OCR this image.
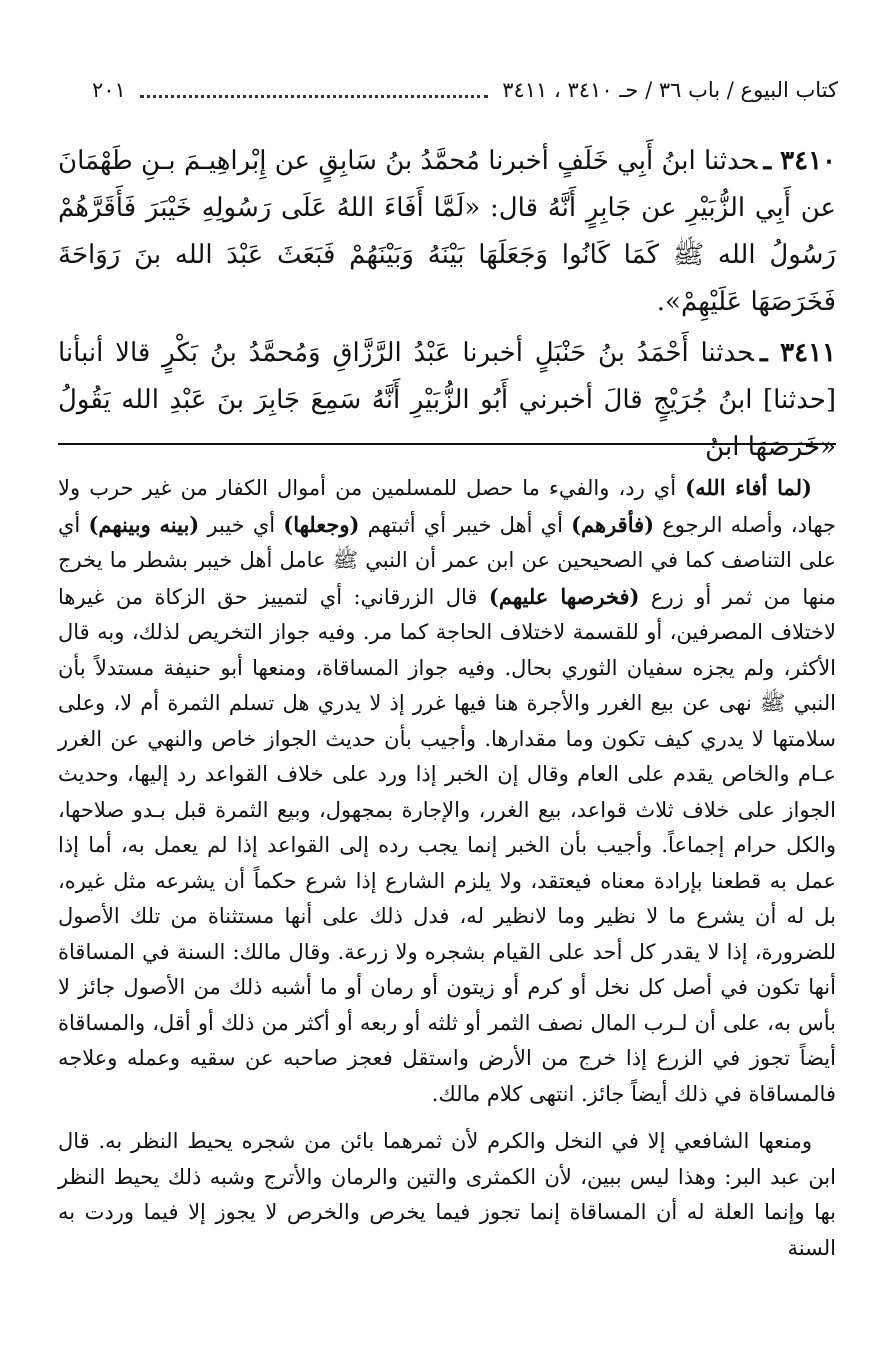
كتاب البيوع / باب ٣٦ / حـ ٣٤١٠ ، ٣٤١١
٢٠١

٣٤١٠ ـحدثنا ابنُ أَبِي خَلَفٍ أخبرنا مُحمَّدُ بنُ سَابِقٍ عن إِبْراهِيـمَ بـنِ طَهْمَانَ عن أَبِي الزُّبَيْرِ عن جَابِرٍ أَنَّهُ قال: «لَمَّا أَفَاءَ اللهُ عَلَى رَسُولِهِ خَيْبَرَ فَأَقَرَّهُمْ رَسُولُ الله ﷺ كَمَا كَانُوا وَجَعَلَهَا بَيْنَهُ وَبَيْنَهُمْ فَبَعَثَ عَبْدَ الله بنَ رَوَاحَةَ فَخَرَصَهَا عَلَيْهِمْ».

٣٤١١ ـحدثنا أَحْمَدُ بنُ حَنْبَلٍ أخبرنا عَبْدُ الرَّزَّاقِ وَمُحمَّدُ بنُ بَكْرٍ قالا أنبأنا [حدثنا] ابنُ جُرَيْجٍ قالَ أخبرني أَبُو الزُّبَيْرِ أَنَّهُ سَمِعَ جَابِرَ بنَ عَبْدِ الله يَقُولُ «خَرَصَهَا ابنُ

(لما أفاء الله) أي رد، والفيء ما حصل للمسلمين من أموال الكفار من غير حرب ولا جهاد، وأصله الرجوع (فأقرهم) أي أهل خيبر أي أثبتهم (وجعلها) أي خيبر (بينه وبينهم) أي على التناصف كما في الصحيحين عن ابن عمر أن النبي ﷺ عامل أهل خيبر بشطر ما يخرج منها من ثمر أو زرع (فخرصها عليهم) قال الزرقاني: أي لتمييز حق الزكاة من غيرها لاختلاف المصرفين، أو للقسمة لاختلاف الحاجة كما مر. وفيه جواز التخريص لذلك، وبه قال الأكثر، ولم يجزه سفيان الثوري بحال. وفيه جواز المساقاة، ومنعها أبو حنيفة مستدلاً بأن النبي ﷺ نهى عن بيع الغرر والأجرة هنا فيها غرر إذ لا يدري هل تسلم الثمرة أم لا، وعلى سلامتها لا يدري كيف تكون وما مقدارها. وأجيب بأن حديث الجواز خاص والنهي عن الغرر عـام والخاص يقدم على العام وقال إن الخبر إذا ورد على خلاف القواعد رد إليها، وحديث الجواز على خلاف ثلاث قواعد، بيع الغرر، والإجارة بمجهول، وبيع الثمرة قبل بـدو صلاحها، والكل حرام إجماعاً. وأجيب بأن الخبر إنما يجب رده إلى القواعد إذا لم يعمل به، أما إذا عمل به قطعنا بإرادة معناه فيعتقد، ولا يلزم الشارع إذا شرع حكماً أن يشرعه مثل غيره، بل له أن يشرع ما لا نظير وما لانظير له، فدل ذلك على أنها مستثناة من تلك الأصول للضرورة، إذا لا يقدر كل أحد على القيام بشجره ولا زرعة. وقال مالك: السنة في المساقاة أنها تكون في أصل كل نخل أو كرم أو زيتون أو رمان أو ما أشبه ذلك من الأصول جائز لا بأس به، على أن لـرب المال نصف الثمر أو ثلثه أو ربعه أو أكثر من ذلك أو أقل، والمساقاة أيضاً تجوز في الزرع إذا خرج من الأرض واستقل فعجز صاحبه عن سقيه وعمله وعلاجه فالمساقاة في ذلك أيضاً جائز. انتهى كلام مالك.

ومنعها الشافعي إلا في النخل والكرم لأن ثمرهما بائن من شجره يحيط النظر به. قال ابن عبد البر: وهذا ليس ببين، لأن الكمثرى والتين والرمان والأترج وشبه ذلك يحيط النظر بها وإنما العلة له أن المساقاة إنما تجوز فيما يخرص والخرص لا يجوز إلا فيما وردت به السنة
